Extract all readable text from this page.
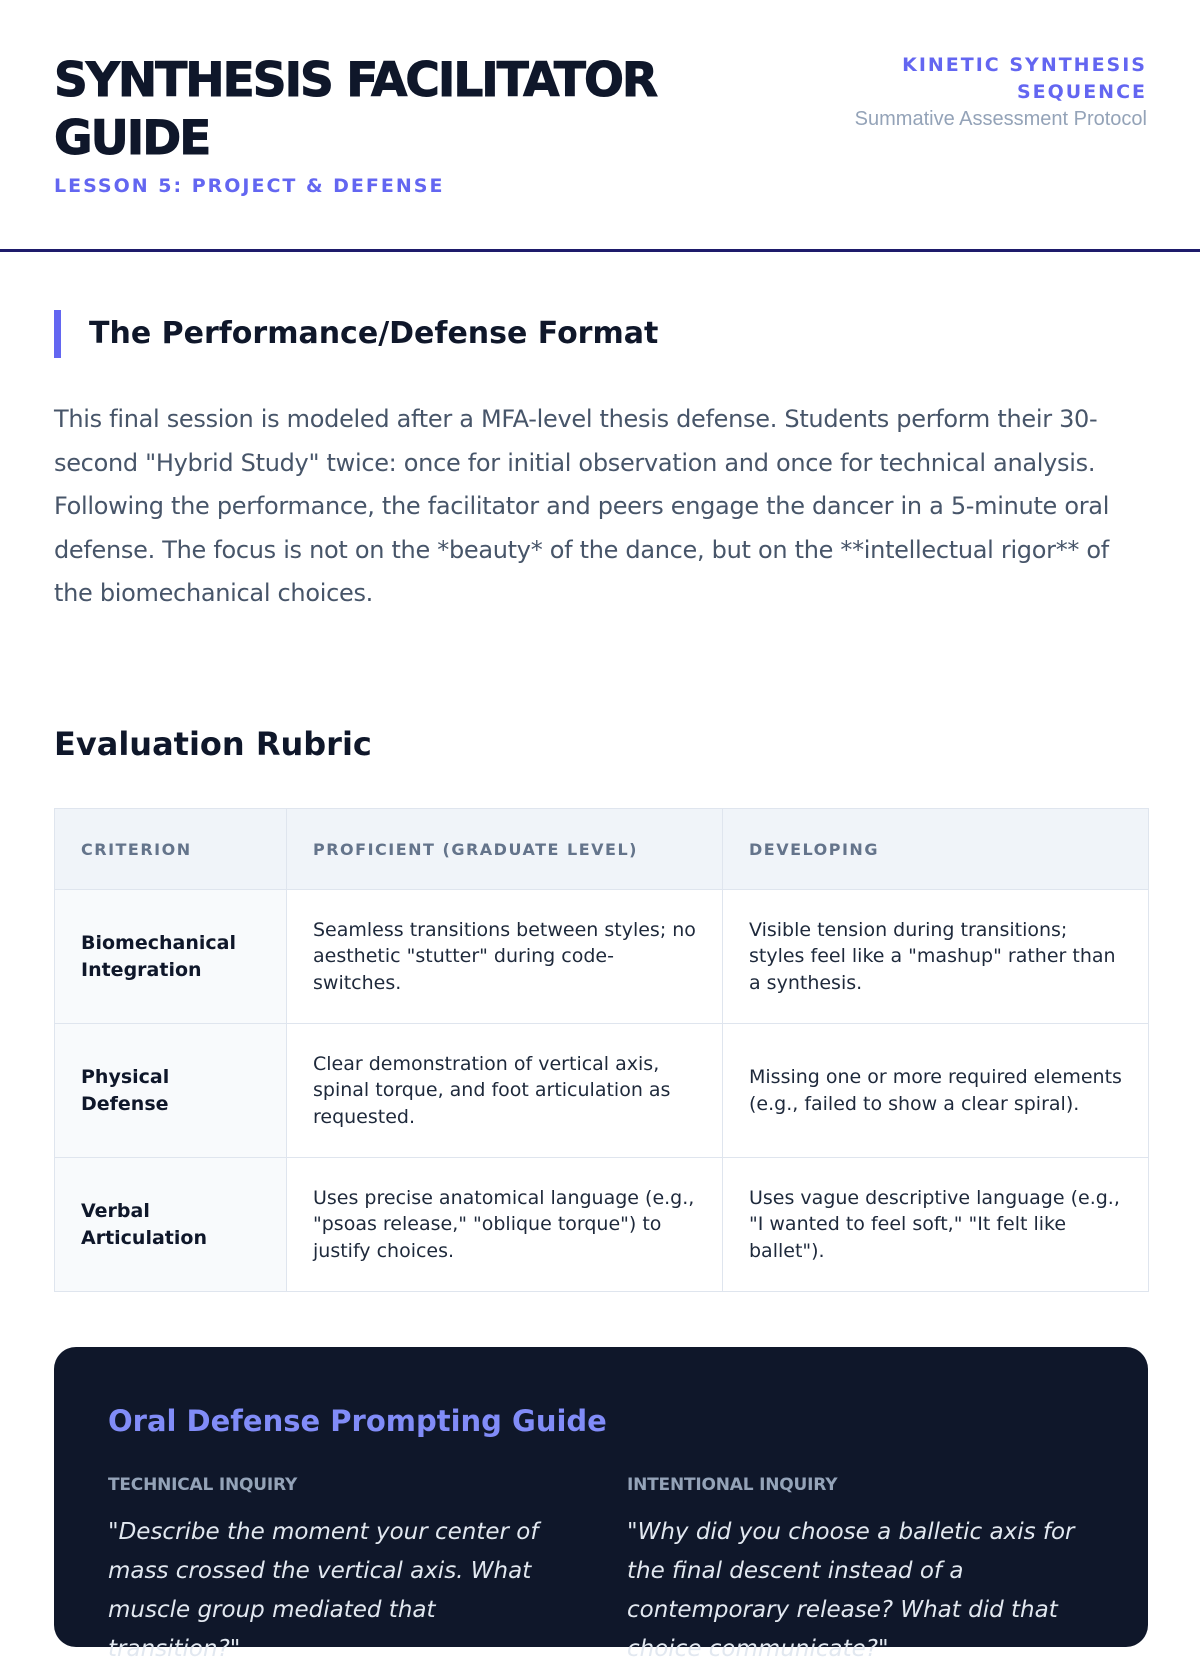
SYNTHESIS FACILITATOR GUIDE
LESSON 5: PROJECT & DEFENSE
KINETIC SYNTHESIS SEQUENCE
Summative Assessment Protocol
The Performance/Defense Format

This final session is modeled after a MFA-level thesis defense. Students perform their 30-second "Hybrid Study" twice: once for initial observation and once for technical analysis. Following the performance, the facilitator and peers engage the dancer in a 5-minute oral defense. The focus is not on the *beauty* of the dance, but on the **intellectual rigor** of the biomechanical choices.

Evaluation Rubric
CRITERION	PROFICIENT (GRADUATE LEVEL)	DEVELOPING
Biomechanical Integration	Seamless transitions between styles; no aesthetic "stutter" during code-switches.	Visible tension during transitions; styles feel like a "mashup" rather than a synthesis.
Physical Defense	Clear demonstration of vertical axis, spinal torque, and foot articulation as requested.	Missing one or more required elements (e.g., failed to show a clear spiral).
Verbal Articulation	Uses precise anatomical language (e.g., "psoas release," "oblique torque") to justify choices.	Uses vague descriptive language (e.g., "I wanted to feel soft," "It felt like ballet").
Oral Defense Prompting Guide
TECHNICAL INQUIRY
"Describe the moment your center of mass crossed the vertical axis. What muscle group mediated that transition?"
INTENTIONAL INQUIRY
"Why did you choose a balletic axis for the final descent instead of a contemporary release? What did that choice communicate?"
